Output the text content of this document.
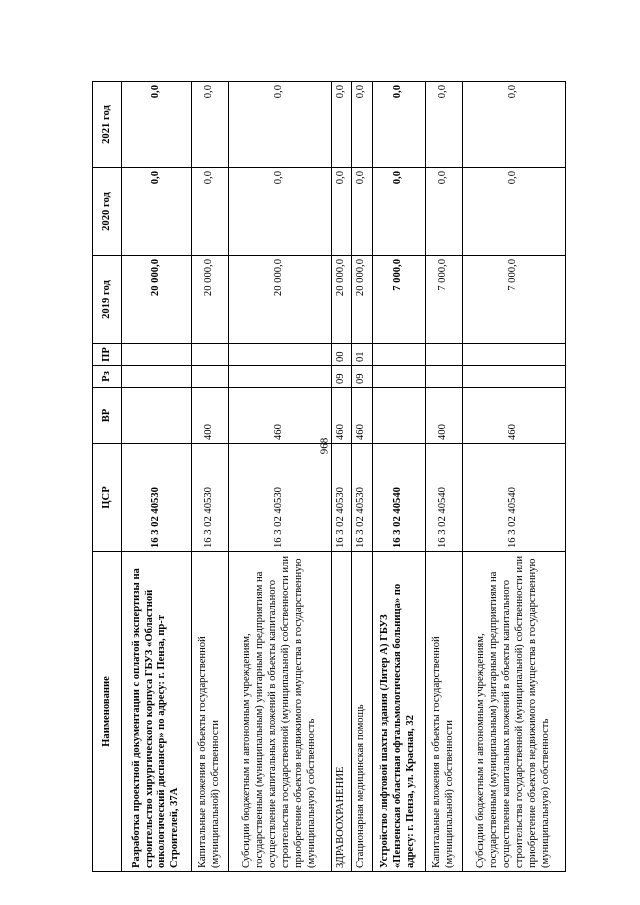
968
Наименование	ЦСР	ВР	Рз	ПР	2019 год	2020 год	2021 год
Разработка проектной документации с оплатой экспертизы на строительство хирургического корпуса ГБУЗ «Областной онкологический диспансер» по адресу: г. Пенза, пр-т Строителей, 37А	16 3 02 40530				20 000,0	0,0	0,0
Капитальные вложения в объекты государственной (муниципальной) собственности	16 3 02 40530	400			20 000,0	0,0	0,0
Субсидии бюджетным и автономным учреждениям, государственным (муниципальным) унитарным предприятиям на осуществление капитальных вложений в объекты капитального строительства государственной (муниципальной) собственности или приобретение объектов недвижимого имущества в государственную (муниципальную) собственность	16 3 02 40530	460			20 000,0	0,0	0,0
ЗДРАВООХРАНЕНИЕ	16 3 02 40530	460	09	00	20 000,0	0,0	0,0
Стационарная медицинская помощь	16 3 02 40530	460	09	01	20 000,0	0,0	0,0
Устройство лифтовой шахты здания (Литер А) ГБУЗ «Пензенская областная офтальмологическая больница» по адресу: г. Пенза, ул. Красная, 32	16 3 02 40540				7 000,0	0,0	0,0
Капитальные вложения в объекты государственной (муниципальной) собственности	16 3 02 40540	400			7 000,0	0,0	0,0
Субсидии бюджетным и автономным учреждениям, государственным (муниципальным) унитарным предприятиям на осуществление капитальных вложений в объекты капитального строительства государственной (муниципальной) собственности или приобретение объектов недвижимого имущества в государственную (муниципальную) собственность	16 3 02 40540	460			7 000,0	0,0	0,0
